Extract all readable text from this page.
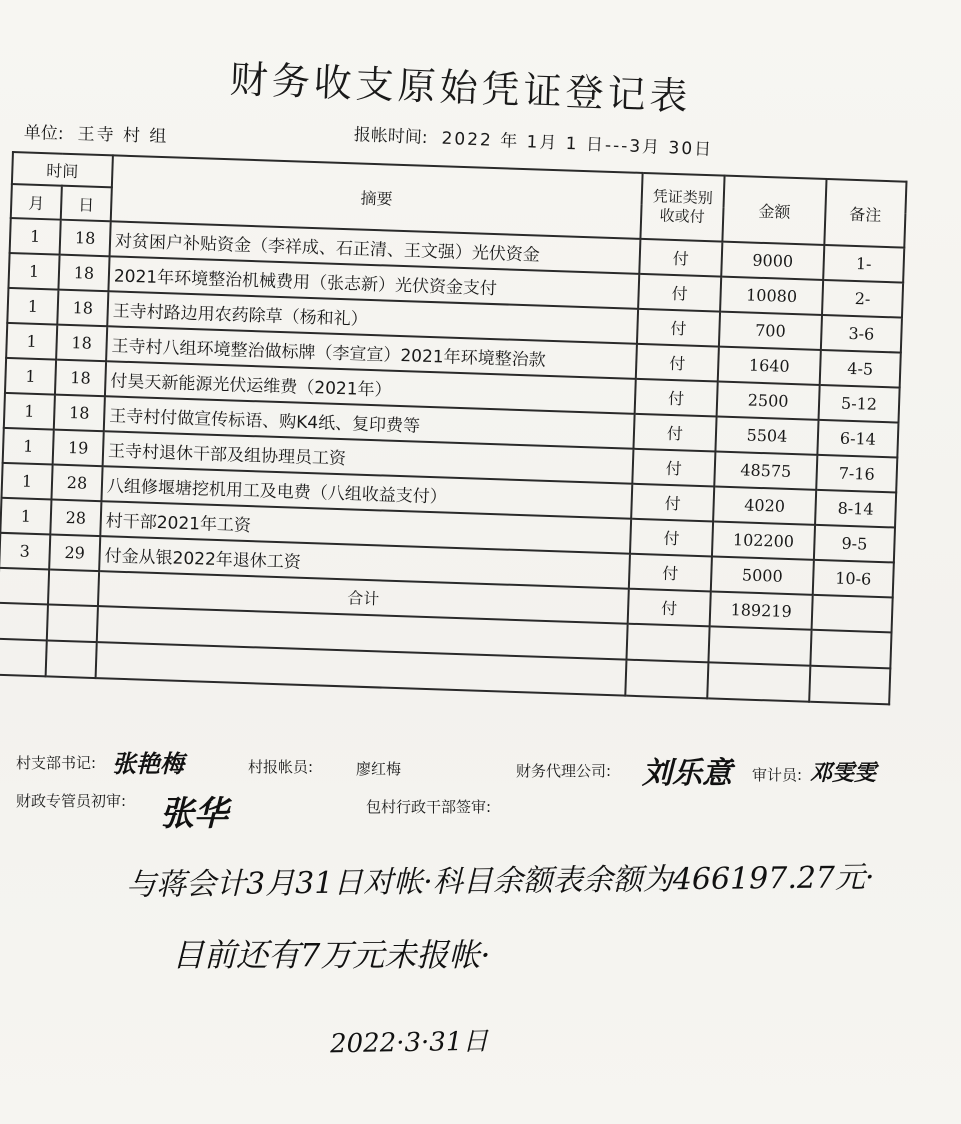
财务收支原始凭证登记表
单位: 王寺 村 组	报帐时间: 2022 年 1月 1 日---3月 30日
时间		摘要	凭证类别收或付	金额	备注
月	日				
1	18	对贫困户补贴资金（李祥成、石正清、王文强）光伏资金	付	9000	1-
1	18	2021年环境整治机械费用（张志新）光伏资金支付	付	10080	2-
1	18	王寺村路边用农药除草（杨和礼）	付	700	3-6
1	18	王寺村八组环境整治做标牌（李宣宣）2021年环境整治款	付	1640	4-5
1	18	付昊天新能源光伏运维费（2021年）	付	2500	5-12
1	18	王寺村付做宣传标语、购K4纸、复印费等	付	5504	6-14
1	19	王寺村退休干部及组协理员工资	付	48575	7-16
1	28	八组修堰塘挖机用工及电费（八组收益支付）	付	4020	8-14
1	28	村干部2021年工资	付	102200	9-5
3	29	付金从银2022年退休工资	付	5000	10-6
		合计	付	189219	

村支部书记: 张艳梅	村报帐员:	廖红梅	财务代理公司: 刘乐意 审计员: 邓雯雯
财政专管员初审: 张华	包村行政干部签审:
与蒋会计3月31日对帐·科目余额表余额为466197.27元·
目前还有7万元未报帐·
2022·3·31日
